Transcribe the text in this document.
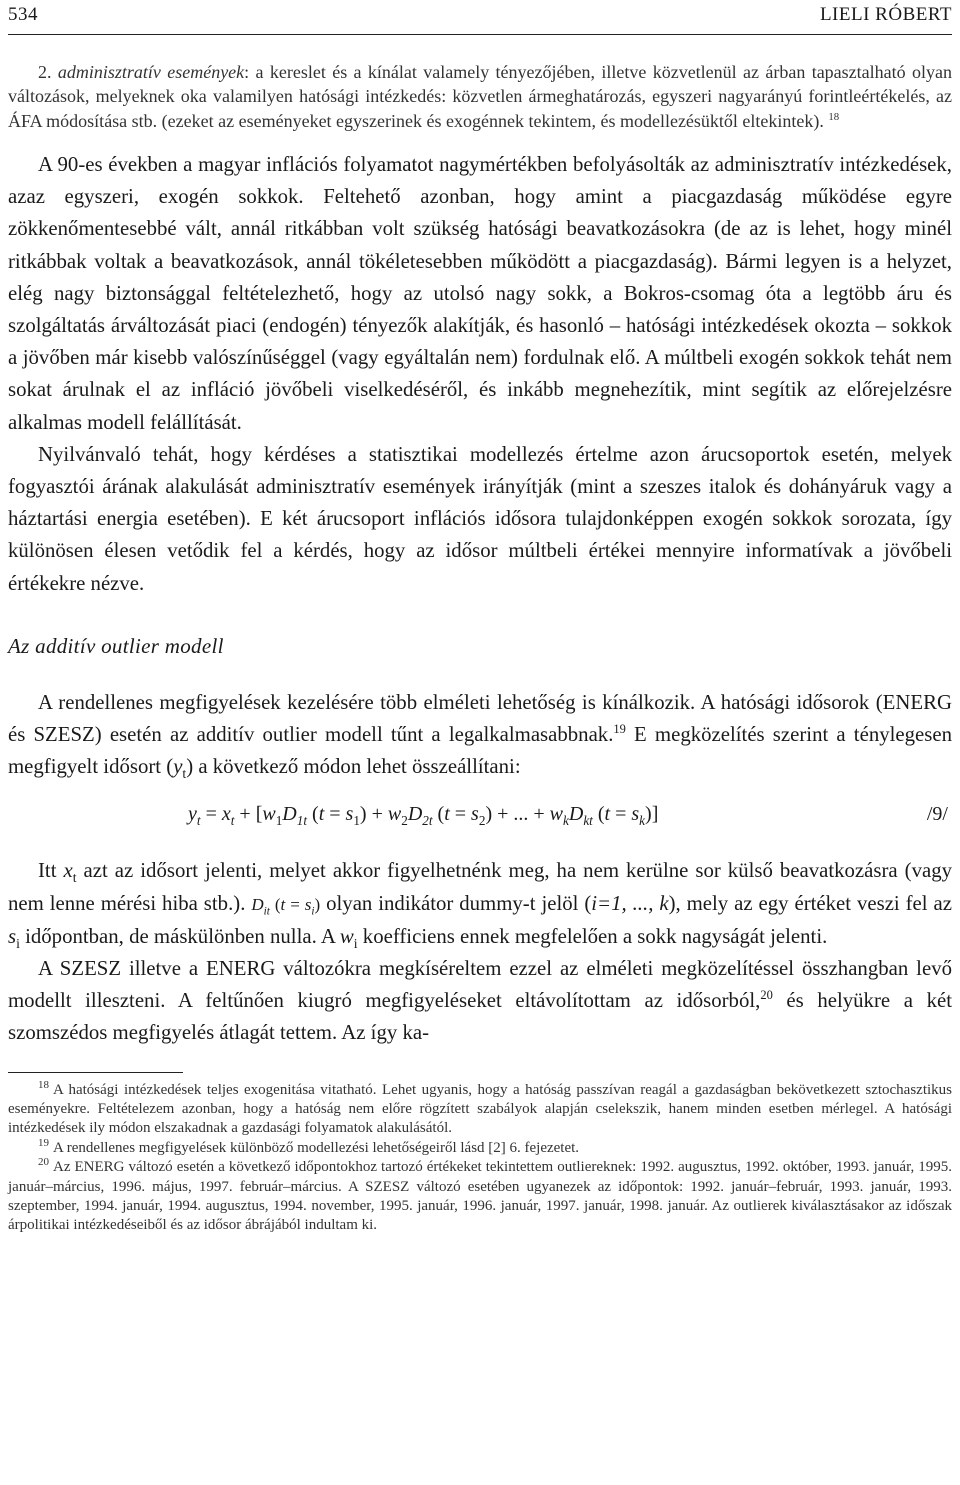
534	LIELI RÓBERT

2. adminisztratív események: a kereslet és a kínálat valamely tényezőjében, illetve közvetlenül az árban tapasztalható olyan változások, melyeknek oka valamilyen hatósági intézkedés: közvetlen ármeghatározás, egyszeri nagyarányú forintleértékelés, az ÁFA módosítása stb. (ezeket az eseményeket egyszerinek és exogénnek tekintem, és modellezésüktől eltekintek). $^{18}$

A 90-es években a magyar inflációs folyamatot nagymértékben befolyásolták az adminisztratív intézkedések, azaz egyszeri, exogén sokkok. Feltehető azonban, hogy amint a piacgazdaság működése egyre zökkenőmentesebbé vált, annál ritkábban volt szükség hatósági beavatkozásokra (de az is lehet, hogy minél ritkábbak voltak a beavatkozások, annál tökéletesebben működött a piacgazdaság). Bármi legyen is a helyzet, elég nagy biztonsággal feltételezhető, hogy az utolsó nagy sokk, a Bokros-csomag óta a legtöbb áru és szolgáltatás árváltozását piaci (endogén) tényezők alakítják, és hasonló – hatósági intézkedések okozta – sokkok a jövőben már kisebb valószínűséggel (vagy egyáltalán nem) fordulnak elő. A múltbeli exogén sokkok tehát nem sokat árulnak el az infláció jövőbeli viselkedéséről, és inkább megnehezítik, mint segítik az előrejelzésre alkalmas modell felállítását.

Nyilvánvaló tehát, hogy kérdéses a statisztikai modellezés értelme azon árucsoportok esetén, melyek fogyasztói árának alakulását adminisztratív események irányítják (mint a szeszes italok és dohányáruk vagy a háztartási energia esetében). E két árucsoport inflációs idősora tulajdonképpen exogén sokkok sorozata, így különösen élesen vetődik fel a kérdés, hogy az idősor múltbeli értékei mennyire informatívak a jövőbeli értékekre nézve.

Az additív outlier modell

A rendellenes megfigyelések kezelésére több elméleti lehetőség is kínálkozik. A hatósági idősorok (ENERG és SZESZ) esetén az additív outlier modell tűnt a legalkalmasabbnak.$^{19}$ E megközelítés szerint a ténylegesen megfigyelt idősort $(y_t)$ a következő módon lehet összeállítani:

$y_t = x_t + [w_1D_{1t}$ $(t = s_1) + w_2D_{2t}$ $(t = s_2)$ + ... + $w_kD_{kt}$ $(t = s_k)$]	/9/

Itt $x_t$ azt az idősort jelenti, melyet akkor figyelhetnénk meg, ha nem kerülne sor külső beavatkozásra (vagy nem lenne mérési hiba stb.). $D_{it}$ $(t = s_i)$ olyan indikátor dummy-t jelöl (i=1, ..., k), mely az egy értéket veszi fel az $s_i$ időpontban, de máskülönben nulla. A $w_i$ koefficiens ennek megfelelően a sokk nagyságát jelenti.

A SZESZ illetve a ENERG változókra megkíséreltem ezzel az elméleti megközelítéssel összhangban levő modellt illeszteni. A feltűnően kiugró megfigyeléseket eltávolítottam az idősorból,$^{20}$ és helyükre a két szomszédos megfigyelés átlagát tettem. Az így ka-

$^{18}$ A hatósági intézkedések teljes exogenitása vitatható. Lehet ugyanis, hogy a hatóság passzívan reagál a gazdaságban bekövetkezett sztochasztikus eseményekre. Feltételezem azonban, hogy a hatóság nem előre rögzített szabályok alapján cselekszik, hanem minden esetben mérlegel. A hatósági intézkedések ily módon elszakadnak a gazdasági folyamatok alakulásától.
$^{19}$ A rendellenes megfigyelések különböző modellezési lehetőségeiről lásd [2] 6. fejezetet.
$^{20}$ Az ENERG változó esetén a következő időpontokhoz tartozó értékeket tekintettem outliereknek: 1992. augusztus, 1992. október, 1993. január, 1995. január–március, 1996. május, 1997. február–március. A SZESZ változó esetében ugyanezek az időpontok: 1992. január–február, 1993. január, 1993. szeptember, 1994. január, 1994. augusztus, 1994. november, 1995. január, 1996. január, 1997. január, 1998. január. Az outlierek kiválasztásakor az időszak árpolitikai intézkedéseiből és az idősor ábrájából indultam ki.
